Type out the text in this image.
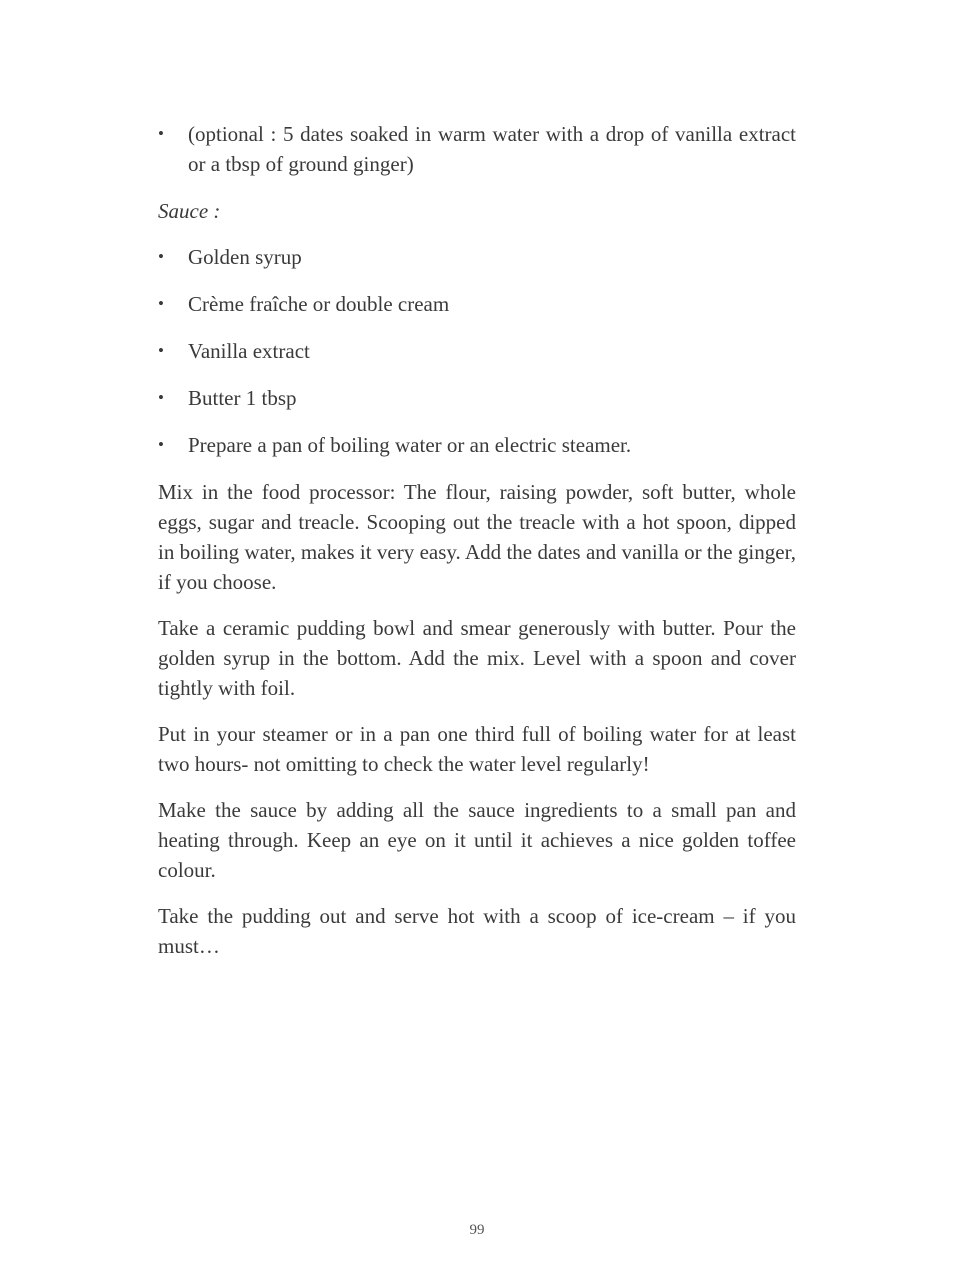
• (optional : 5 dates soaked in warm water with a drop of vanilla extract or a tbsp of ground ginger)
Sauce :
• Golden syrup
• Crème fraîche or double cream
• Vanilla extract
• Butter 1 tbsp
• Prepare a pan of boiling water or an electric steamer.

Mix in the food processor: The flour, raising powder, soft butter, whole eggs, sugar and treacle. Scooping out the treacle with a hot spoon, dipped in boiling water, makes it very easy. Add the dates and vanilla or the ginger, if you choose.

Take a ceramic pudding bowl and smear generously with butter. Pour the golden syrup in the bottom. Add the mix. Level with a spoon and cover tightly with foil.

Put in your steamer or in a pan one third full of boiling water for at least two hours- not omitting to check the water level regularly!

Make the sauce by adding all the sauce ingredients to a small pan and heating through. Keep an eye on it until it achieves a nice golden toffee colour.

Take the pudding out and serve hot with a scoop of ice-cream – if you must…

99
